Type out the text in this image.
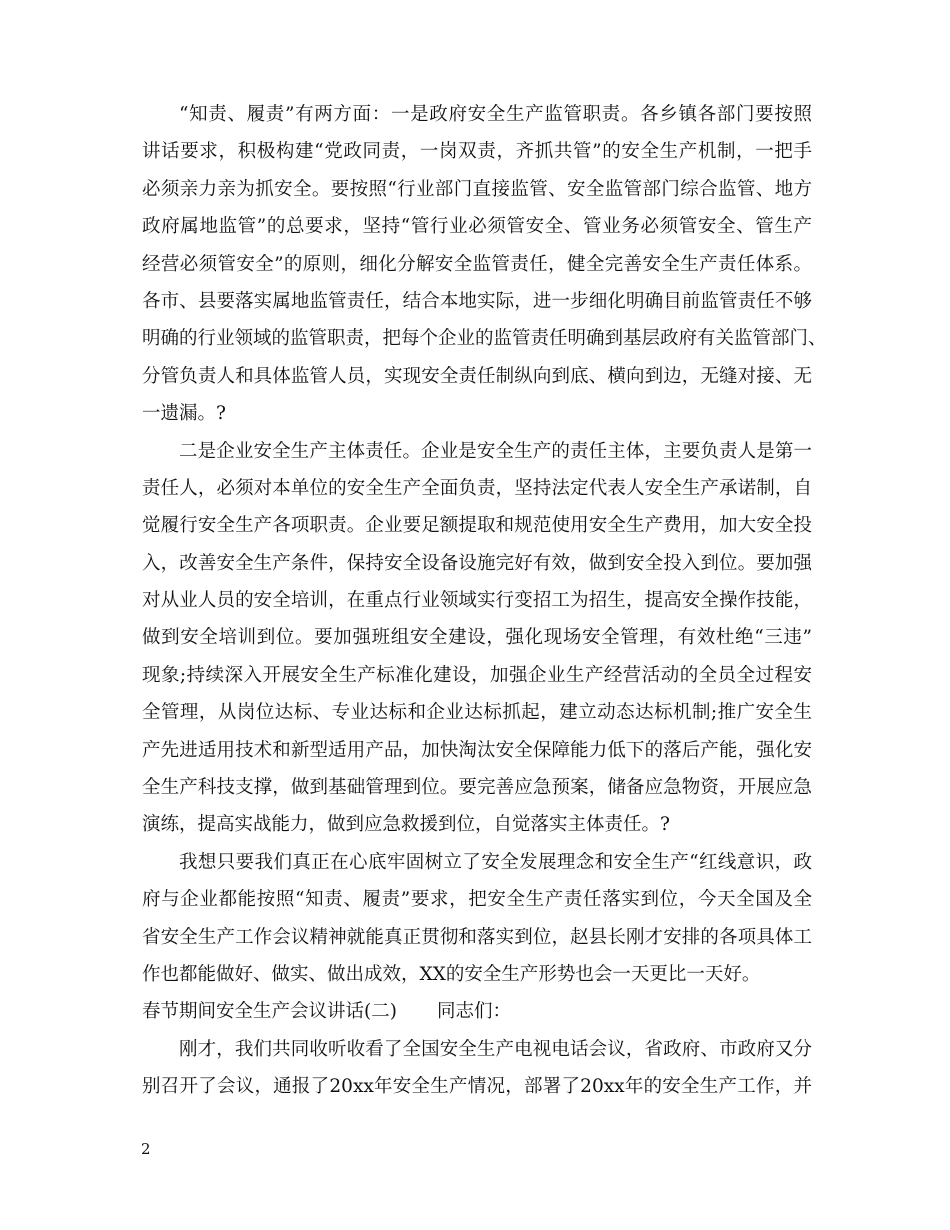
“知责、履责”有两方面：一是政府安全生产监管职责。各乡镇各部门要按照
讲话要求，积极构建“党政同责，一岗双责，齐抓共管”的安全生产机制，一把手
必须亲力亲为抓安全。要按照“行业部门直接监管、安全监管部门综合监管、地方
政府属地监管”的总要求，坚持“管行业必须管安全、管业务必须管安全、管生产
经营必须管安全”的原则，细化分解安全监管责任，健全完善安全生产责任体系。
各市、县要落实属地监管责任，结合本地实际，进一步细化明确目前监管责任不够
明确的行业领域的监管职责，把每个企业的监管责任明确到基层政府有关监管部门、
分管负责人和具体监管人员，实现安全责任制纵向到底、横向到边，无缝对接、无
一遗漏。?
二是企业安全生产主体责任。企业是安全生产的责任主体，主要负责人是第一
责任人，必须对本单位的安全生产全面负责，坚持法定代表人安全生产承诺制，自
觉履行安全生产各项职责。企业要足额提取和规范使用安全生产费用，加大安全投
入，改善安全生产条件，保持安全设备设施完好有效，做到安全投入到位。要加强
对从业人员的安全培训，在重点行业领域实行变招工为招生，提高安全操作技能，
做到安全培训到位。要加强班组安全建设，强化现场安全管理，有效杜绝“三违”
现象;持续深入开展安全生产标准化建设，加强企业生产经营活动的全员全过程安
全管理，从岗位达标、专业达标和企业达标抓起，建立动态达标机制;推广安全生
产先进适用技术和新型适用产品，加快淘汰安全保障能力低下的落后产能，强化安
全生产科技支撑，做到基础管理到位。要完善应急预案，储备应急物资，开展应急
演练，提高实战能力，做到应急救援到位，自觉落实主体责任。?
我想只要我们真正在心底牢固树立了安全发展理念和安全生产“红线意识，政
府与企业都能按照“知责、履责”要求，把安全生产责任落实到位，今天全国及全
省安全生产工作会议精神就能真正贯彻和落实到位，赵县长刚才安排的各项具体工
作也都能做好、做实、做出成效，XX的安全生产形势也会一天更比一天好。
春节期间安全生产会议讲话(二) 同志们：
刚才，我们共同收听收看了全国安全生产电视电话会议，省政府、市政府又分
别召开了会议，通报了20xx年安全生产情况，部署了20xx年的安全生产工作，并
2
